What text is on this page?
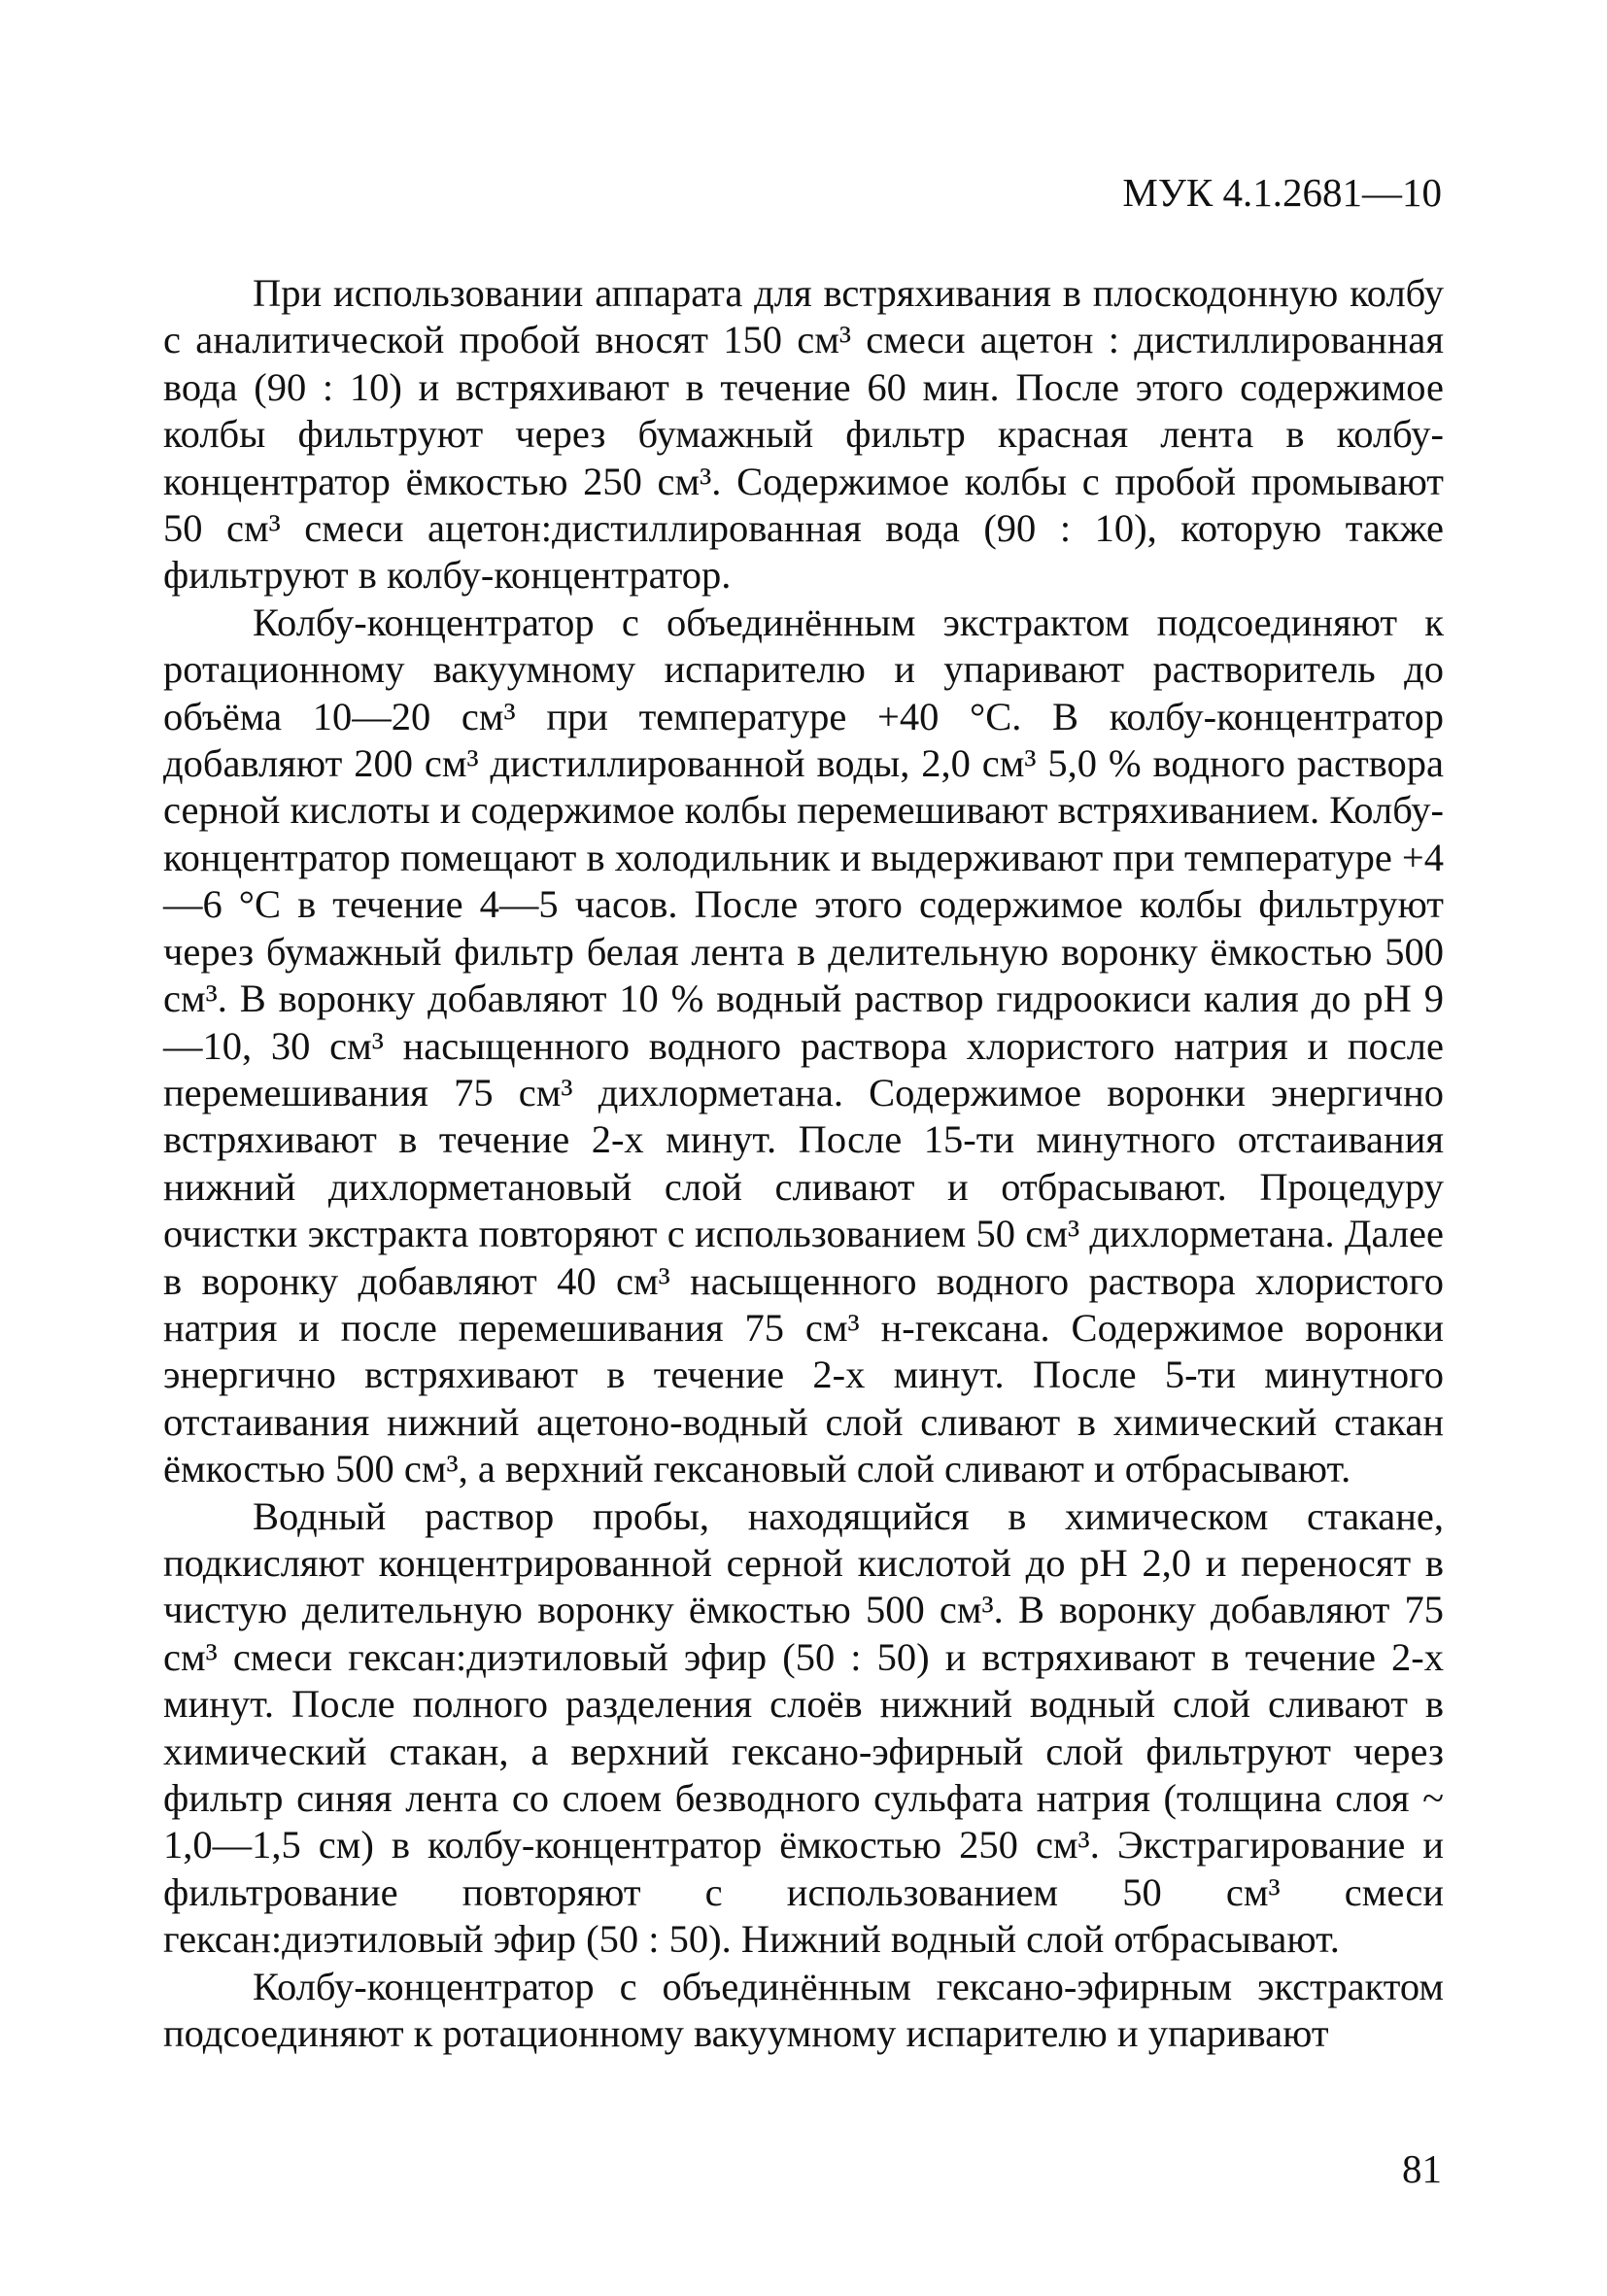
МУК 4.1.2681—10

При использовании аппарата для встряхивания в плоскодонную колбу с аналитической пробой вносят 150 см³ смеси ацетон : дистиллированная вода (90 : 10) и встряхивают в течение 60 мин. После этого содержимое колбы фильтруют через бумажный фильтр красная лента в колбу-концентратор ёмкостью 250 см³. Содержимое колбы с пробой промывают 50 см³ смеси ацетон:дистиллированная вода (90 : 10), которую также фильтруют в колбу-концентратор.

Колбу-концентратор с объединённым экстрактом подсоединяют к ротационному вакуумному испарителю и упаривают растворитель до объёма 10—20 см³ при температуре +40 °С. В колбу-концентратор добавляют 200 см³ дистиллированной воды, 2,0 см³ 5,0 % водного раствора серной кислоты и содержимое колбы перемешивают встряхиванием. Колбу-концентратор помещают в холодильник и выдерживают при температуре +4—6 °С в течение 4—5 часов. После этого содержимое колбы фильтруют через бумажный фильтр белая лента в делительную воронку ёмкостью 500 см³. В воронку добавляют 10 % водный раствор гидроокиси калия до рН 9—10, 30 см³ насыщенного водного раствора хлористого натрия и после перемешивания 75 см³ дихлорметана. Содержимое воронки энергично встряхивают в течение 2-х минут. После 15-ти минутного отстаивания нижний дихлорметановый слой сливают и отбрасывают. Процедуру очистки экстракта повторяют с использованием 50 см³ дихлорметана. Далее в воронку добавляют 40 см³ насыщенного водного раствора хлористого натрия и после перемешивания 75 см³ н-гексана. Содержимое воронки энергично встряхивают в течение 2-х минут. После 5-ти минутного отстаивания нижний ацетоно-водный слой сливают в химический стакан ёмкостью 500 см³, а верхний гексановый слой сливают и отбрасывают.

Водный раствор пробы, находящийся в химическом стакане, подкисляют концентрированной серной кислотой до рН 2,0 и переносят в чистую делительную воронку ёмкостью 500 см³. В воронку добавляют 75 см³ смеси гексан:диэтиловый эфир (50 : 50) и встряхивают в течение 2-х минут. После полного разделения слоёв нижний водный слой сливают в химический стакан, а верхний гексано-эфирный слой фильтруют через фильтр синяя лента со слоем безводного сульфата натрия (толщина слоя ~ 1,0—1,5 см) в колбу-концентратор ёмкостью 250 см³. Экстрагирование и фильтрование повторяют с использованием 50 см³ смеси гексан:диэтиловый эфир (50 : 50). Нижний водный слой отбрасывают.

Колбу-концентратор с объединённым гексано-эфирным экстрактом подсоединяют к ротационному вакуумному испарителю и упаривают

81
